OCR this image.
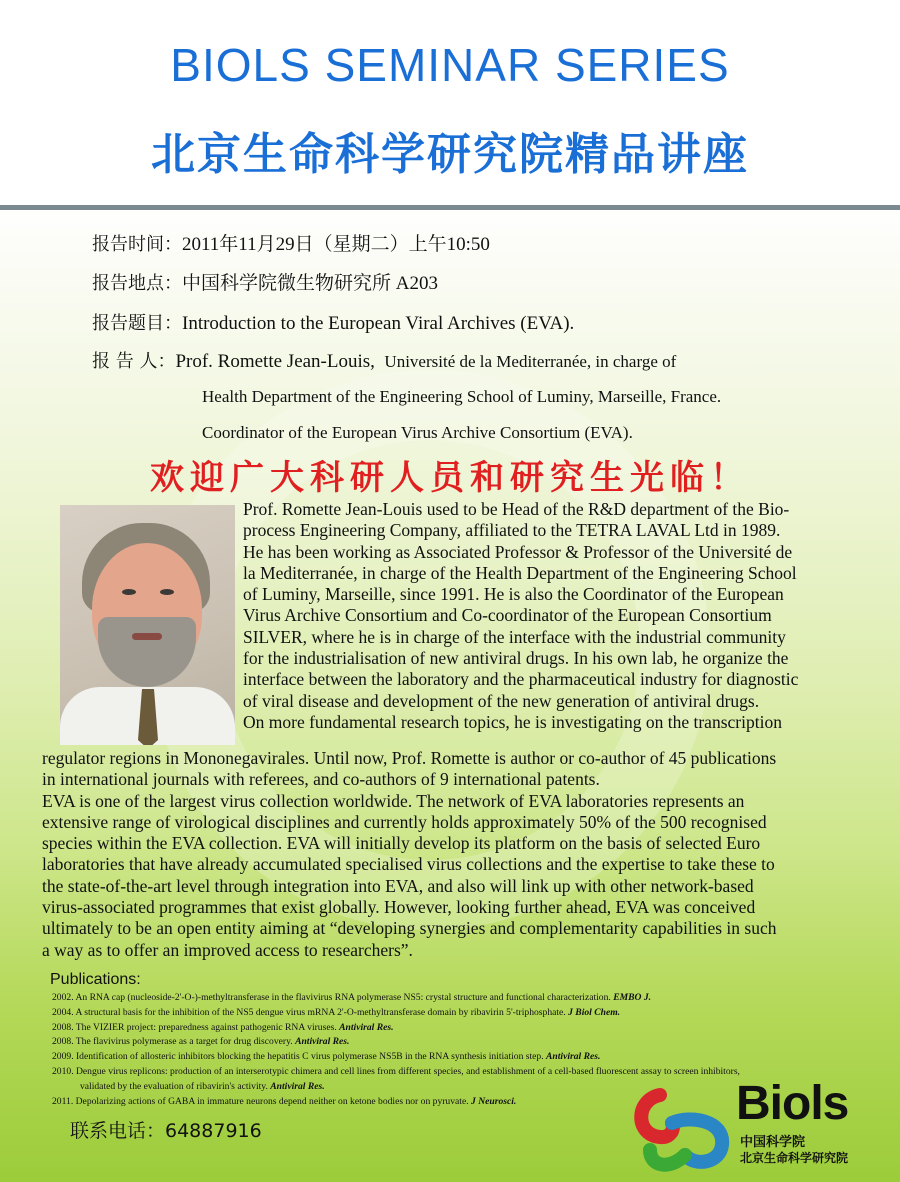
BIOLS SEMINAR SERIES
北京生命科学研究院精品讲座
报告时间：2011年11月29日（星期二）上午10:50
报告地点：中国科学院微生物研究所 A203
报告题目：Introduction to the European Viral Archives (EVA).
报 告 人：Prof. Romette Jean-Louis, Université de la Mediterranée, in charge of
Health Department of the Engineering School of Luminy, Marseille, France.
Coordinator of the European Virus Archive Consortium (EVA).
欢迎广大科研人员和研究生光临！
Prof. Romette Jean-Louis used to be Head of the R&D department of the Bio-
process Engineering Company, affiliated to the TETRA LAVAL Ltd in 1989.
He has been working as Associated Professor & Professor of the Université de
la Mediterranée, in charge of the Health Department of the Engineering School
of Luminy, Marseille, since 1991. He is also the Coordinator of the European
Virus Archive Consortium and Co-coordinator of the European Consortium
SILVER, where he is in charge of the interface with the industrial community
for the industrialisation of new antiviral drugs. In his own lab, he organize the
interface between the laboratory and the pharmaceutical industry for diagnostic
of viral disease and development of the new generation of antiviral drugs.
On more fundamental research topics, he is investigating on the transcription
regulator regions in Mononegavirales. Until now, Prof. Romette is author or co-author of 45 publications
in international journals with referees, and co-authors of 9 international patents.
EVA is one of the largest virus collection worldwide. The network of EVA laboratories represents an
extensive range of virological disciplines and currently holds approximately 50% of the 500 recognised
species within the EVA collection. EVA will initially develop its platform on the basis of selected Euro
laboratories that have already accumulated specialised virus collections and the expertise to take these to
the state-of-the-art level through integration into EVA, and also will link up with other network-based
virus-associated programmes that exist globally. However, looking further ahead, EVA was conceived
ultimately to be an open entity aiming at “developing synergies and complementarity capabilities in such
a way as to offer an improved access to researchers”.
Publications:
2002. An RNA cap (nucleoside-2'-O-)-methyltransferase in the flavivirus RNA polymerase NS5: crystal structure and functional characterization. EMBO J.
2004. A structural basis for the inhibition of the NS5 dengue virus mRNA 2'-O-methyltransferase domain by ribavirin 5'-triphosphate. J Biol Chem.
2008. The VIZIER project: preparedness against pathogenic RNA viruses. Antiviral Res.
2008. The flavivirus polymerase as a target for drug discovery. Antiviral Res.
2009. Identification of allosteric inhibitors blocking the hepatitis C virus polymerase NS5B in the RNA synthesis initiation step. Antiviral Res.
2010. Dengue virus replicons: production of an interserotypic chimera and cell lines from different species, and establishment of a cell-based fluorescent assay to screen inhibitors,
validated by the evaluation of ribavirin's activity. Antiviral Res.
2011. Depolarizing actions of GABA in immature neurons depend neither on ketone bodies nor on pyruvate. J Neurosci.
联系电话：64887916
Biols
中国科学院
北京生命科学研究院
